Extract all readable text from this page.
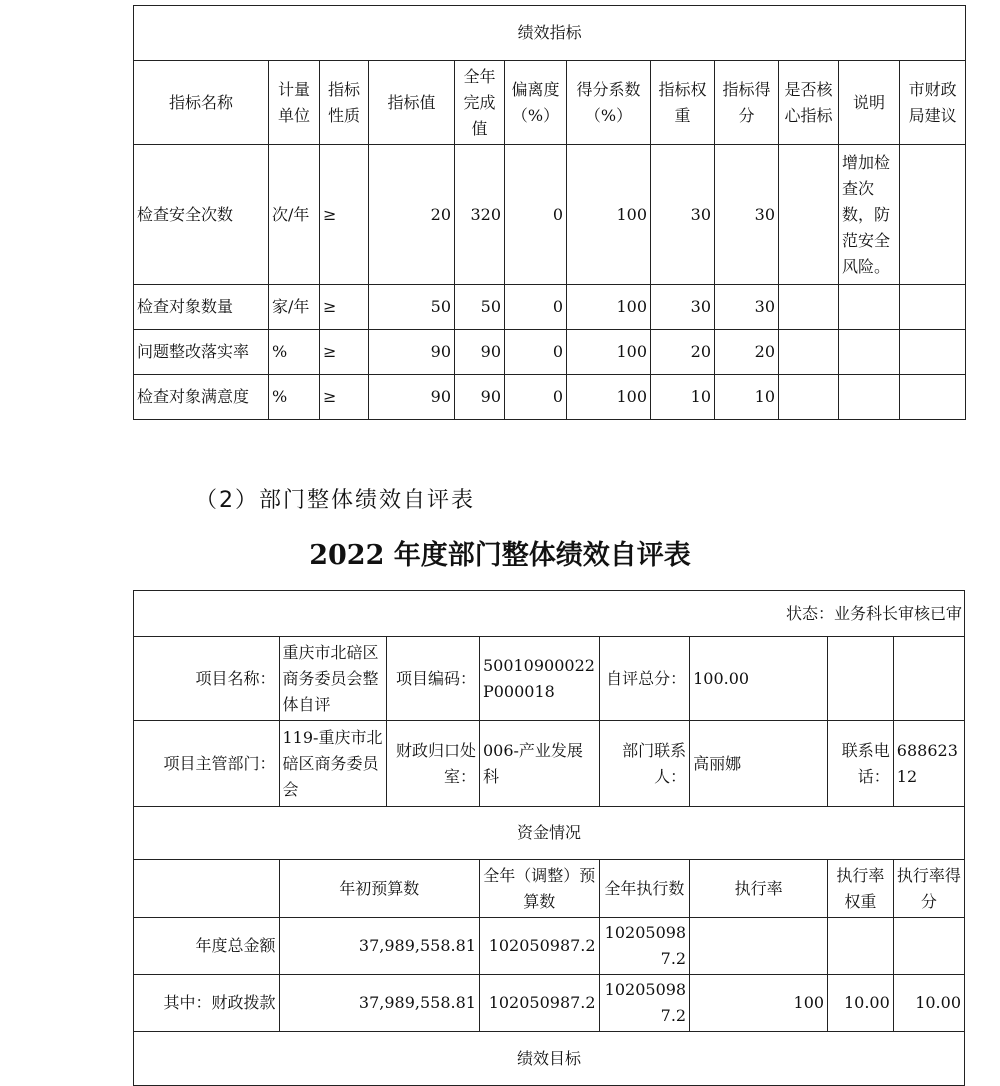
绩效指标											
指标名称	计量单位	指标性质	指标值	全年完成值	偏离度（%）	得分系数（%）	指标权重	指标得分	是否核心指标	说明	市财政局建议
检查安全次数	次/年	≥	20	320	0	100	30	30		增加检查次数，防范安全风险。	
检查对象数量	家/年	≥	50	50	0	100	30	30			
问题整改落实率	%	≥	90	90	0	100	20	20			
检查对象满意度	%	≥	90	90	0	100	10	10			
（2）部门整体绩效自评表
2022 年度部门整体绩效自评表
状态：业务科长审核已审							
项目名称：	重庆市北碚区商务委员会整体自评	项目编码：	50010900022P000018	自评总分：	100.00		
项目主管部门：	119-重庆市北碚区商务委员会	财政归口处室：	006-产业发展科	部门联系人：	高丽娜	联系电话：	68862312
资金情况							
	年初预算数		全年（调整）预算数	全年执行数	执行率	执行率权重	执行率得分
年度总金额	37,989,558.81		102050987.2	102050987.2			
其中：财政拨款	37,989,558.81		102050987.2	102050987.2	100	10.00	10.00
绩效目标							
